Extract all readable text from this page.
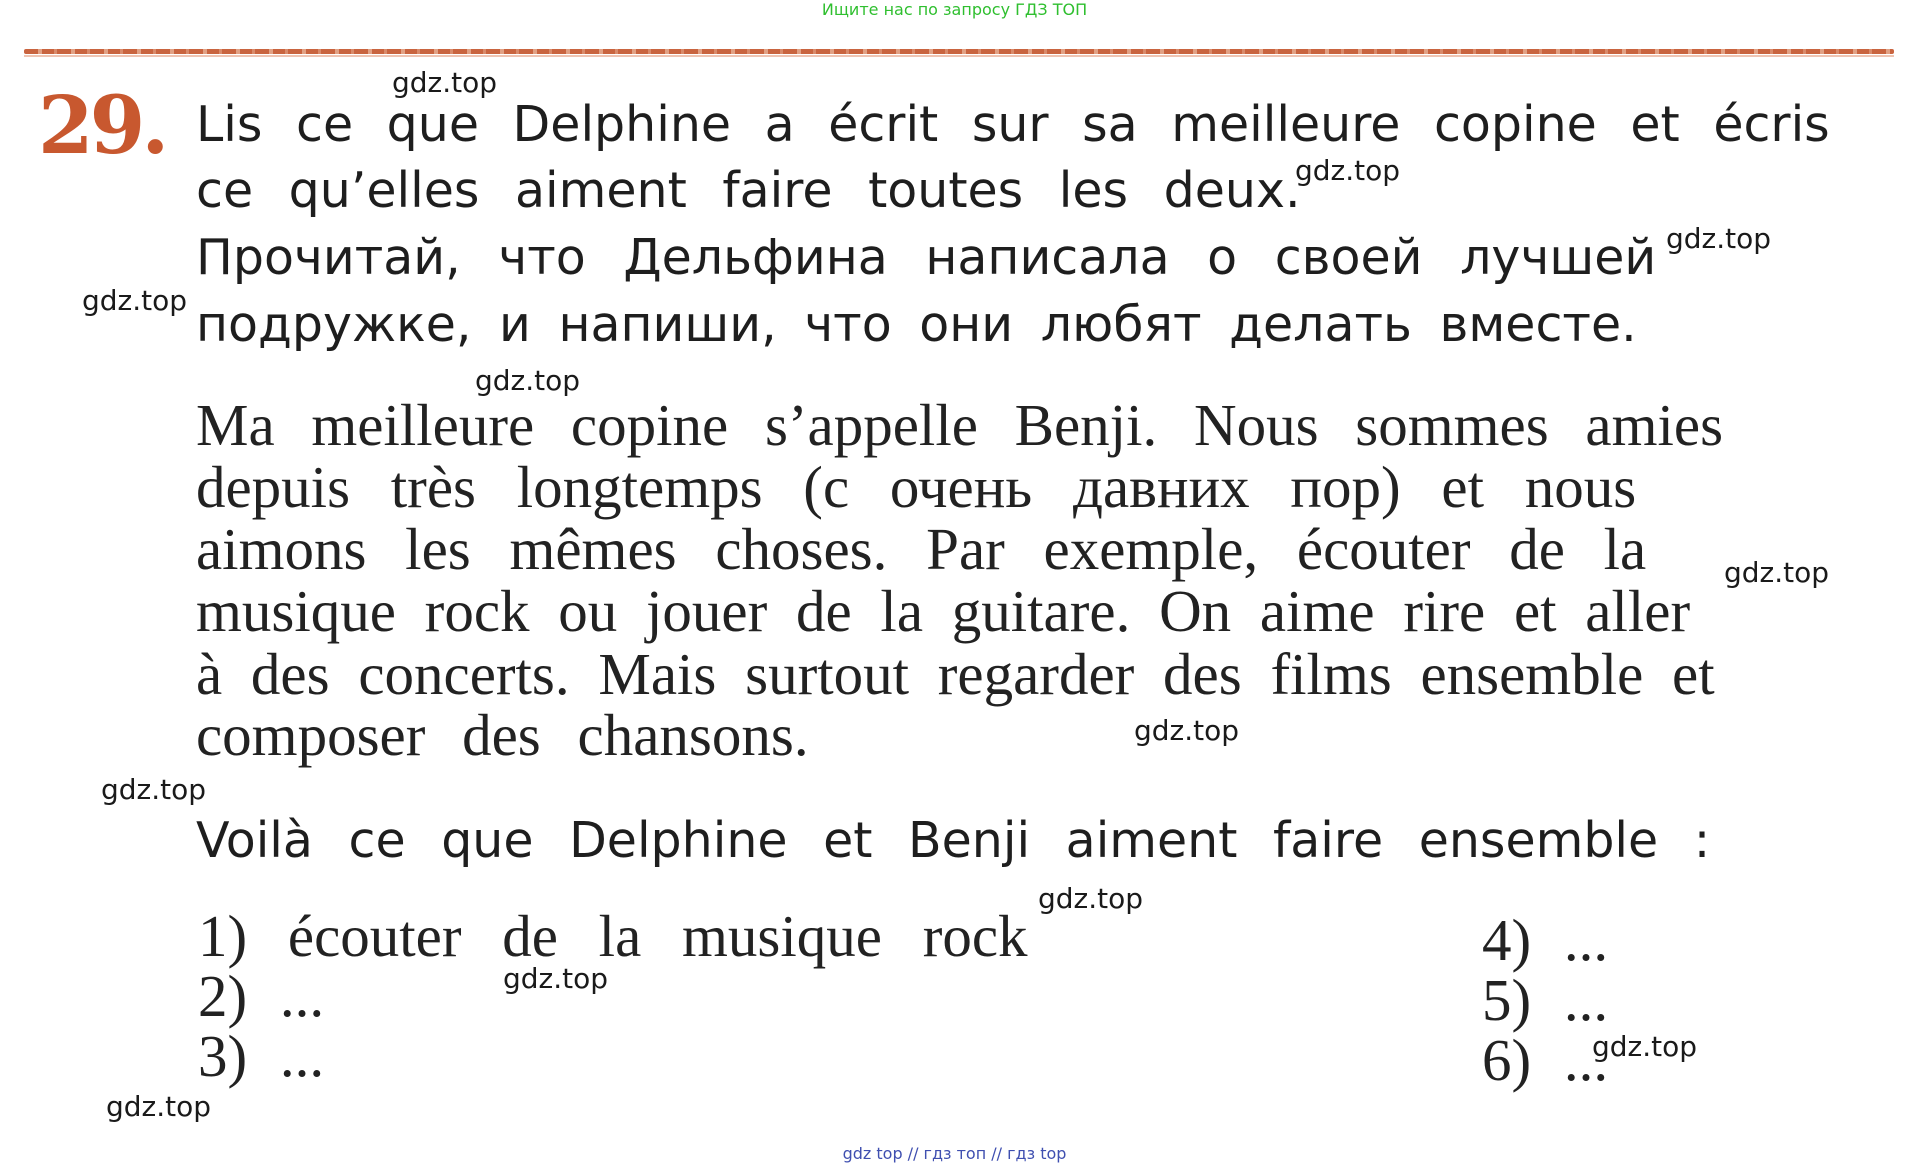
Ищите нас по запросу ГДЗ ТОП
29. Lis ce que Delphine a écrit sur sa meilleure copine et écris
ce qu’elles aiment faire toutes les deux.
Прочитай, что Дельфина написала о своей лучшей
подружке, и напиши, что они любят делать вместе.
Ma meilleure copine s’appelle Benji. Nous sommes amies
depuis très longtemps (с очень давних пор) et nous
aimons les mêmes choses. Par exemple, écouter de la
musique rock ou jouer de la guitare. On aime rire et aller
à des concerts. Mais surtout regarder des films ensemble et
composer des chansons.
Voilà ce que Delphine et Benji aiment faire ensemble :
1) écouter de la musique rock
2) ...
3) ...
4) ...
5) ...
6) ...
gdz.top
gdz.top
gdz.top
gdz.top
gdz.top
gdz.top
gdz.top
gdz.top
gdz.top
gdz.top
gdz.top
gdz.top
gdz top // гдз топ // гдз top
